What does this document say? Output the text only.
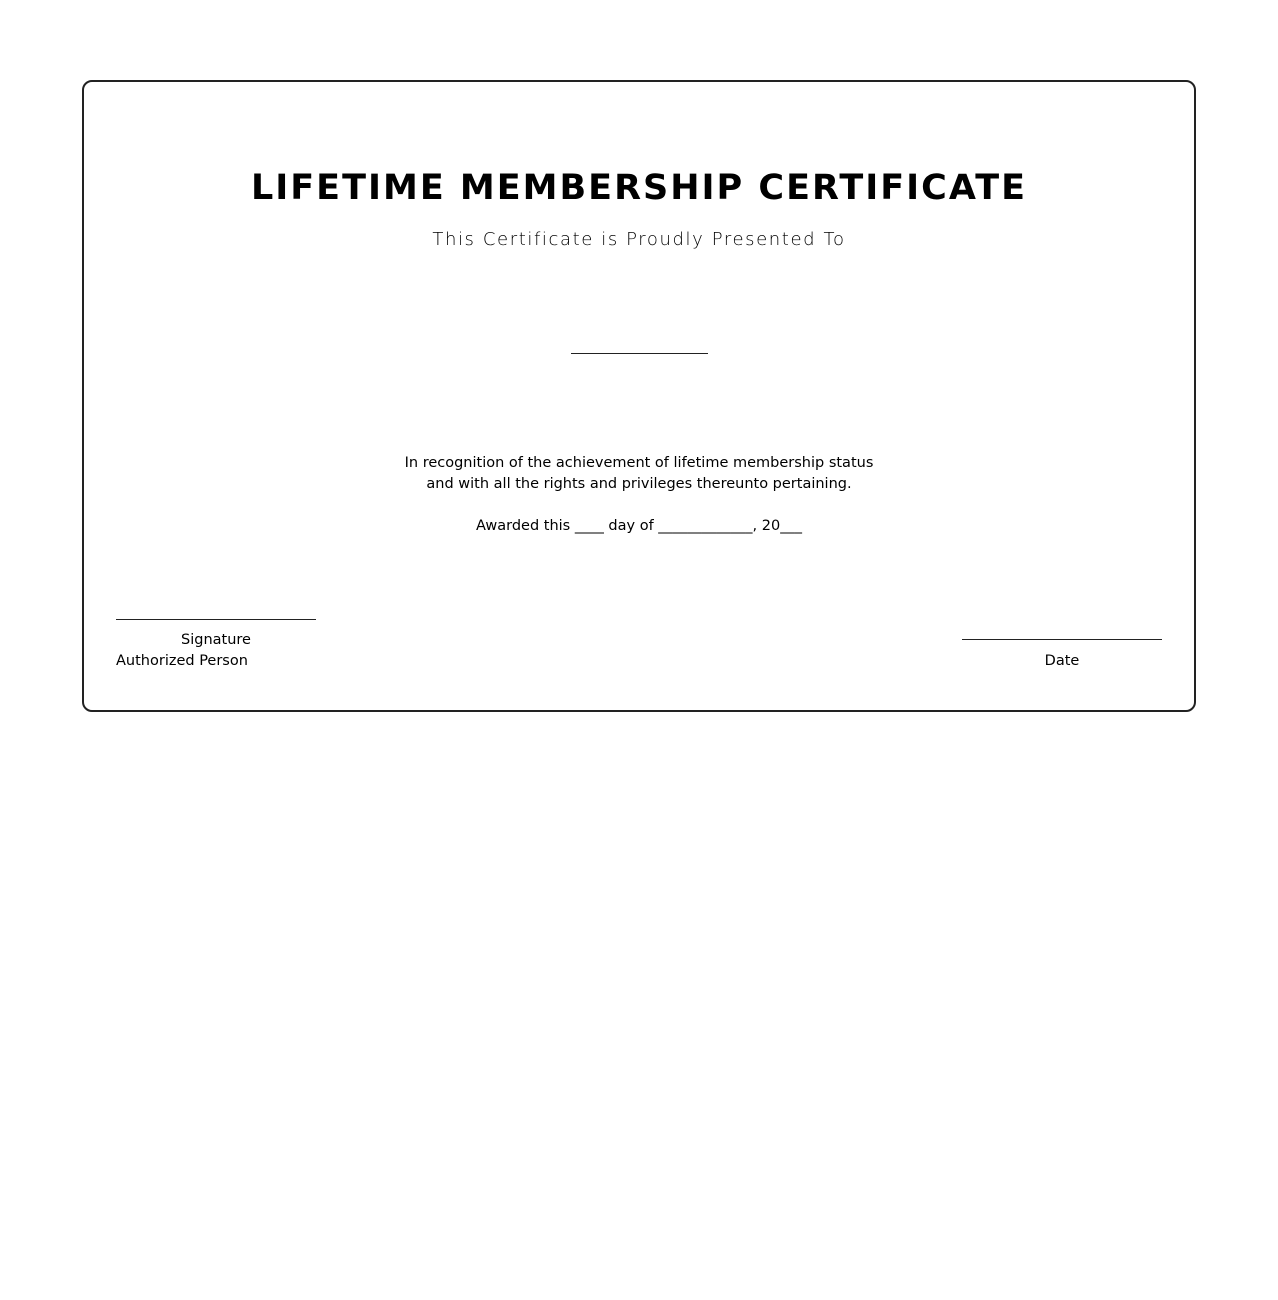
LIFETIME MEMBERSHIP CERTIFICATE
This Certificate is Proudly Presented To
In recognition of the achievement of lifetime membership status
and with all the rights and privileges thereunto pertaining.
Awarded this ____ day of _____________, 20___
Signature
Authorized Person	Date
